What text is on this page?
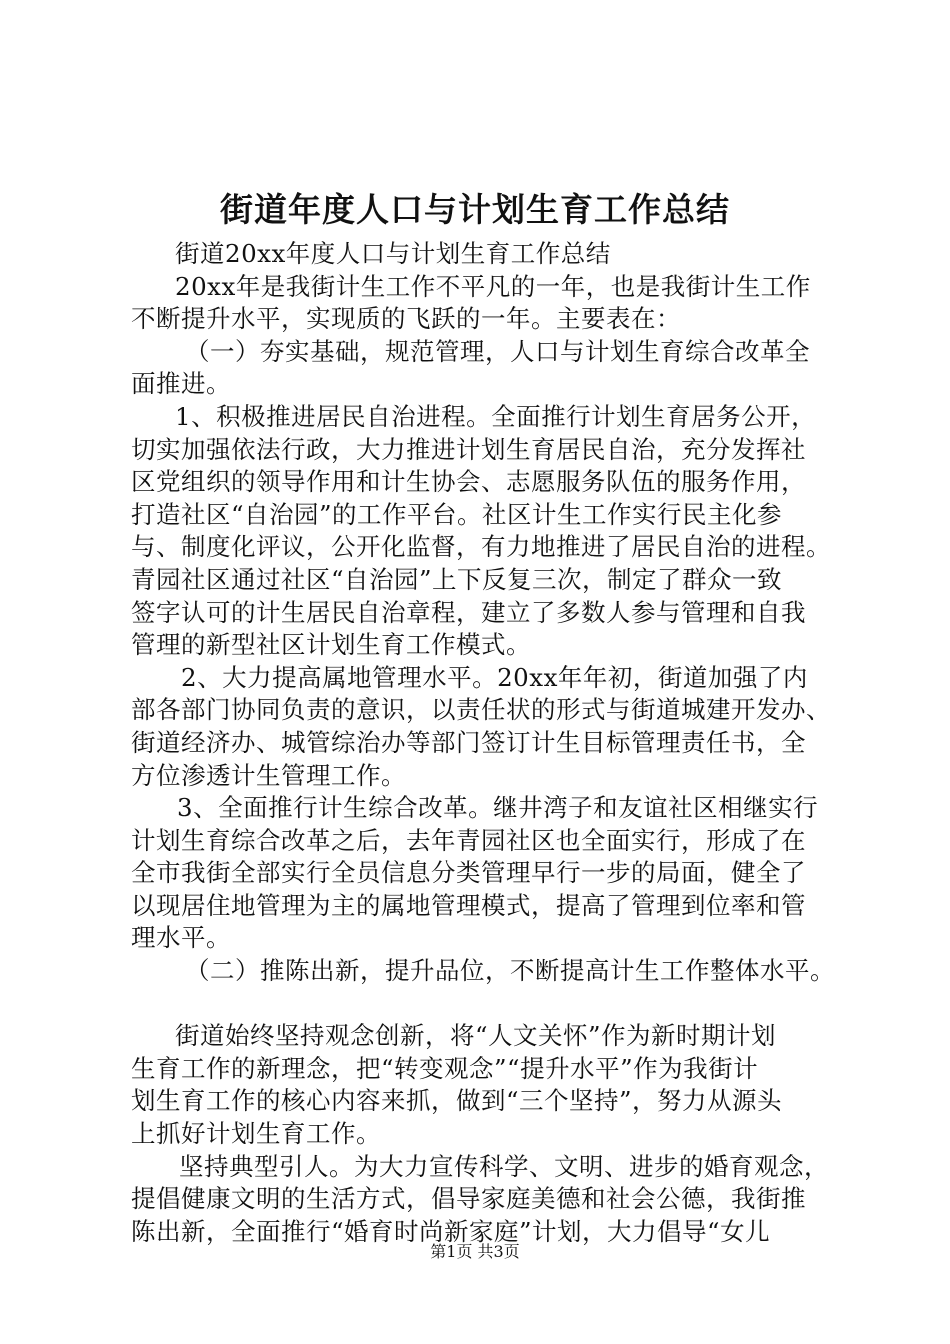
街道年度人口与计划生育工作总结
街道20xx年度人口与计划生育工作总结
20xx年是我街计生工作不平凡的一年，也是我街计生工作
不断提升水平，实现质的飞跃的一年。主要表在：
（一）夯实基础，规范管理，人口与计划生育综合改革全
面推进。
1、积极推进居民自治进程。全面推行计划生育居务公开，
切实加强依法行政，大力推进计划生育居民自治，充分发挥社
区党组织的领导作用和计生协会、志愿服务队伍的服务作用，
打造社区“自治园”的工作平台。社区计生工作实行民主化参
与、制度化评议，公开化监督，有力地推进了居民自治的进程。
青园社区通过社区“自治园”上下反复三次，制定了群众一致
签字认可的计生居民自治章程，建立了多数人参与管理和自我
管理的新型社区计划生育工作模式。
2、大力提高属地管理水平。20xx年年初，街道加强了内
部各部门协同负责的意识，以责任状的形式与街道城建开发办、
街道经济办、城管综治办等部门签订计生目标管理责任书，全
方位渗透计生管理工作。
3、全面推行计生综合改革。继井湾子和友谊社区相继实行
计划生育综合改革之后，去年青园社区也全面实行，形成了在
全市我街全部实行全员信息分类管理早行一步的局面，健全了
以现居住地管理为主的属地管理模式，提高了管理到位率和管
理水平。
（二）推陈出新，提升品位，不断提高计生工作整体水平。
街道始终坚持观念创新，将“人文关怀”作为新时期计划
生育工作的新理念，把“转变观念”“提升水平”作为我街计
划生育工作的核心内容来抓，做到“三个坚持”，努力从源头
上抓好计划生育工作。
坚持典型引人。为大力宣传科学、文明、进步的婚育观念，
提倡健康文明的生活方式，倡导家庭美德和社会公德，我街推
陈出新，全面推行“婚育时尚新家庭”计划，大力倡导“女儿
第1页 共3页
